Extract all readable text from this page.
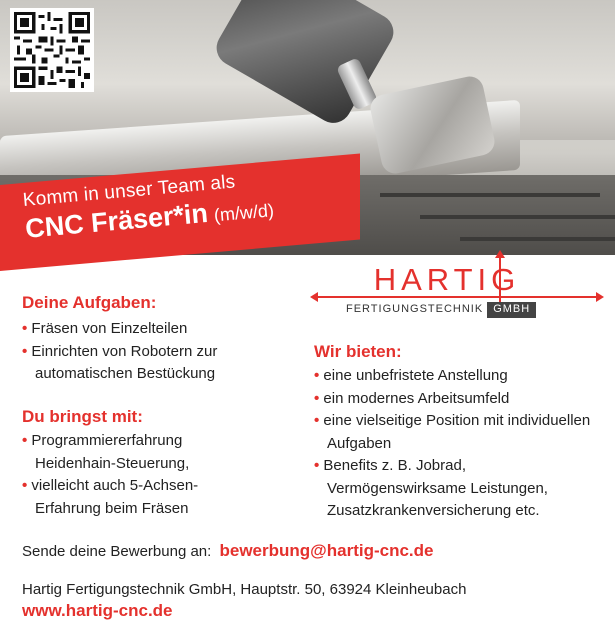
Komm in unser Team als
CNC Fräser*in (m/w/d)
HARTIG
FERTIGUNGSTECHNIK GMBH
Deine Aufgaben:
• Fräsen von Einzelteilen
• Einrichten von Robotern zur automatischen Bestückung
Du bringst mit:
• Programmiererfahrung Heidenhain-Steuerung,
• vielleicht auch 5-Achsen-Erfahrung beim Fräsen
Wir bieten:
• eine unbefristete Anstellung
• ein modernes Arbeitsumfeld
• eine vielseitige Position mit individuellen Aufgaben
• Benefits z. B. Jobrad, Vermögenswirksame Leistungen, Zusatzkrankenversicherung etc.
Sende deine Bewerbung an: bewerbung@hartig-cnc.de
Hartig Fertigungstechnik GmbH, Hauptstr. 50, 63924 Kleinheubach
www.hartig-cnc.de
